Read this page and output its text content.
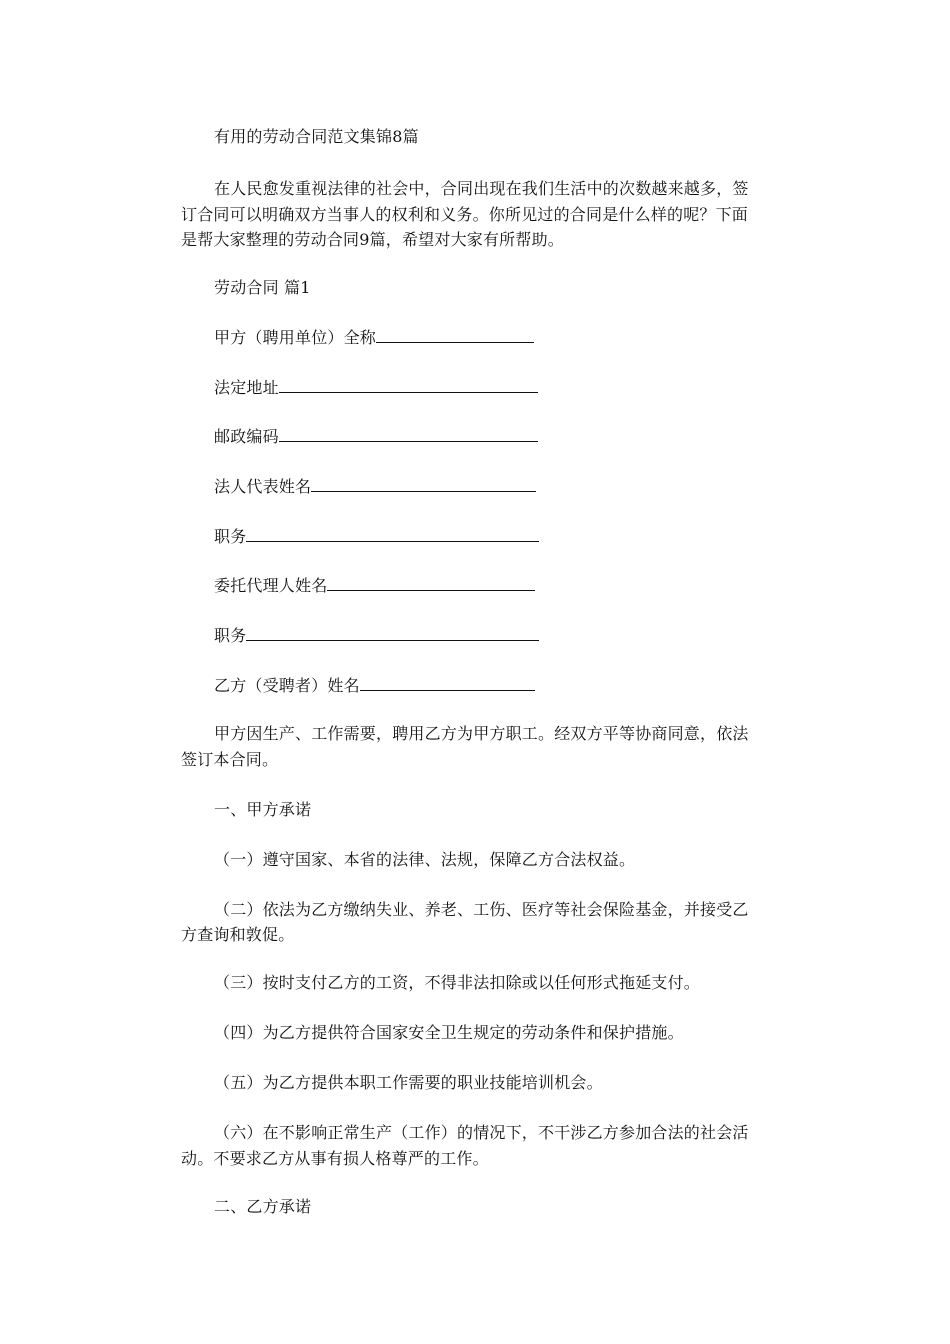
有用的劳动合同范文集锦8篇
在人民愈发重视法律的社会中，合同出现在我们生活中的次数越来越多，签
订合同可以明确双方当事人的权利和义务。你所见过的合同是什么样的呢？下面
是帮大家整理的劳动合同9篇，希望对大家有所帮助。
劳动合同 篇1
甲方（聘用单位）全称
法定地址
邮政编码
法人代表姓名
职务
委托代理人姓名
职务
乙方（受聘者）姓名
甲方因生产、工作需要，聘用乙方为甲方职工。经双方平等协商同意，依法
签订本合同。
一、甲方承诺
（一）遵守国家、本省的法律、法规，保障乙方合法权益。
（二）依法为乙方缴纳失业、养老、工伤、医疗等社会保险基金，并接受乙
方查询和敦促。
（三）按时支付乙方的工资，不得非法扣除或以任何形式拖延支付。
（四）为乙方提供符合国家安全卫生规定的劳动条件和保护措施。
（五）为乙方提供本职工作需要的职业技能培训机会。
（六）在不影响正常生产（工作）的情况下，不干涉乙方参加合法的社会活
动。不要求乙方从事有损人格尊严的工作。
二、乙方承诺
